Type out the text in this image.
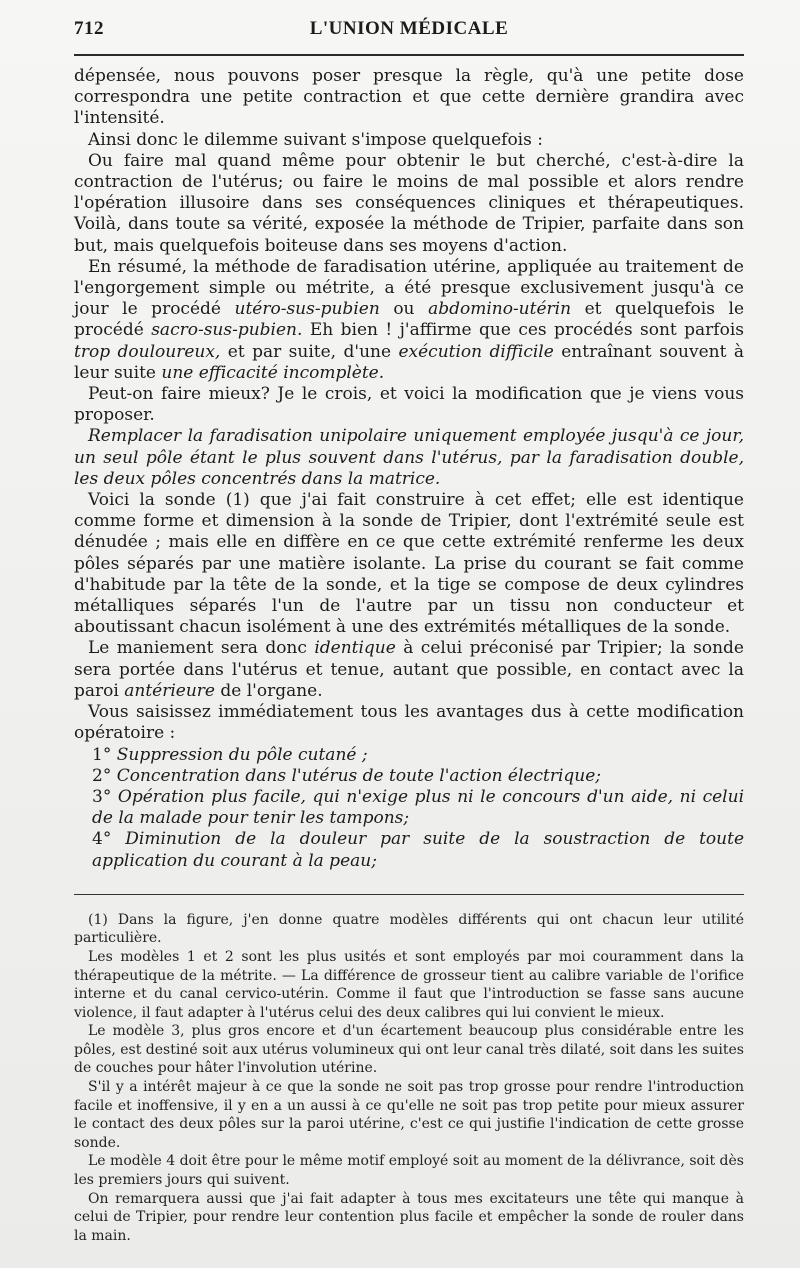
712	L'UNION MÉDICALE

dépensée, nous pouvons poser presque la règle, qu'à une petite dose correspondra une petite contraction et que cette dernière grandira avec l'intensité.

Ainsi donc le dilemme suivant s'impose quelquefois :

Ou faire mal quand même pour obtenir le but cherché, c'est-à-dire la contraction de l'utérus; ou faire le moins de mal possible et alors rendre l'opération illusoire dans ses conséquences cliniques et thérapeutiques. Voilà, dans toute sa vérité, exposée la méthode de Tripier, parfaite dans son but, mais quelquefois boiteuse dans ses moyens d'action.

En résumé, la méthode de faradisation utérine, appliquée au traitement de l'engorgement simple ou métrite, a été presque exclusivement jusqu'à ce jour le procédé utéro-sus-pubien ou abdomino-utérin et quelquefois le procédé sacro-sus-pubien. Eh bien ! j'affirme que ces procédés sont parfois trop douloureux, et par suite, d'une exécution difficile entraînant souvent à leur suite une efficacité incomplète.

Peut-on faire mieux? Je le crois, et voici la modification que je viens vous proposer.

Remplacer la faradisation unipolaire uniquement employée jusqu'à ce jour, un seul pôle étant le plus souvent dans l'utérus, par la faradisation double, les deux pôles concentrés dans la matrice.

Voici la sonde (1) que j'ai fait construire à cet effet; elle est identique comme forme et dimension à la sonde de Tripier, dont l'extrémité seule est dénudée ; mais elle en diffère en ce que cette extrémité renferme les deux pôles séparés par une matière isolante. La prise du courant se fait comme d'habitude par la tête de la sonde, et la tige se compose de deux cylindres métalliques séparés l'un de l'autre par un tissu non conducteur et aboutissant chacun isolément à une des extrémités métalliques de la sonde.

Le maniement sera donc identique à celui préconisé par Tripier; la sonde sera portée dans l'utérus et tenue, autant que possible, en contact avec la paroi antérieure de l'organe.

Vous saisissez immédiatement tous les avantages dus à cette modification opératoire :

1° Suppression du pôle cutané ;

2° Concentration dans l'utérus de toute l'action électrique;

3° Opération plus facile, qui n'exige plus ni le concours d'un aide, ni celui de la malade pour tenir les tampons;

4° Diminution de la douleur par suite de la soustraction de toute application du courant à la peau;

(1) Dans la figure, j'en donne quatre modèles différents qui ont chacun leur utilité particulière.

Les modèles 1 et 2 sont les plus usités et sont employés par moi couramment dans la thérapeutique de la métrite. — La différence de grosseur tient au calibre variable de l'orifice interne et du canal cervico-utérin. Comme il faut que l'introduction se fasse sans aucune violence, il faut adapter à l'utérus celui des deux calibres qui lui convient le mieux.

Le modèle 3, plus gros encore et d'un écartement beaucoup plus considérable entre les pôles, est destiné soit aux utérus volumineux qui ont leur canal très dilaté, soit dans les suites de couches pour hâter l'involution utérine.

S'il y a intérêt majeur à ce que la sonde ne soit pas trop grosse pour rendre l'introduction facile et inoffensive, il y en a un aussi à ce qu'elle ne soit pas trop petite pour mieux assurer le contact des deux pôles sur la paroi utérine, c'est ce qui justifie l'indication de cette grosse sonde.

Le modèle 4 doit être pour le même motif employé soit au moment de la délivrance, soit dès les premiers jours qui suivent.

On remarquera aussi que j'ai fait adapter à tous mes excitateurs une tête qui manque à celui de Tripier, pour rendre leur contention plus facile et empêcher la sonde de rouler dans la main.
